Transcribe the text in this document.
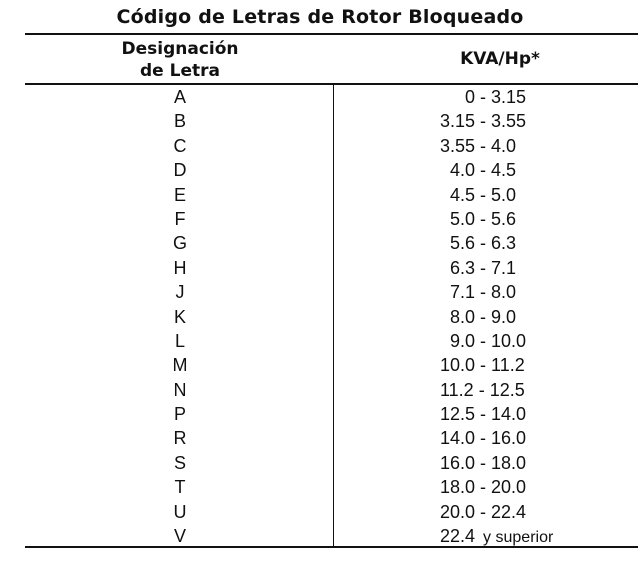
Código de Letras de Rotor Bloqueado
Designación
de Letra
KVA/Hp*
A	0 - 3.15
B	3.15 - 3.55
C	3.55 - 4.0
D	4.0 - 4.5
E	4.5 - 5.0
F	5.0 - 5.6
G	5.6 - 6.3
H	6.3 - 7.1
J	7.1 - 8.0
K	8.0 - 9.0
L	9.0 - 10.0
M	10.0 - 11.2
N	11.2 - 12.5
P	12.5 - 14.0
R	14.0 - 16.0
S	16.0 - 18.0
T	18.0 - 20.0
U	20.0 - 22.4
V	22.4 y superior
